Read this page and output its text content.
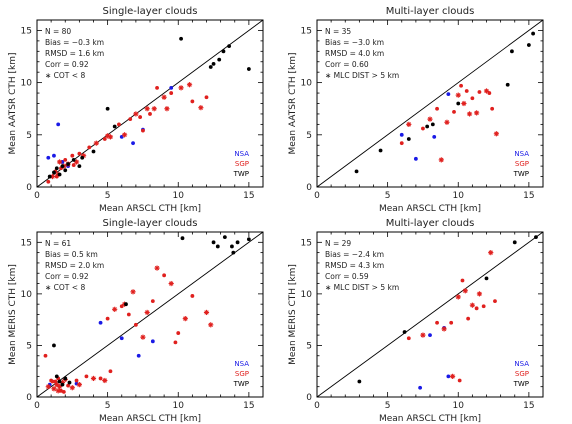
0	5	10	15
0
5
10
15
Single-layer clouds
Mean ARSCL CTH [km]
Mean AATSR CTH [km]
N = 80
Bias = −0.3 km
RMSD = 1.6 km
Corr = 0.92
∗ COT < 8
NSA
SGP
TWP
0	5	10	15
0
5
10
15
Multi-layer clouds
Mean ARSCL CTH [km]
Mean AATSR CTH [km]
N = 35
Bias = −3.0 km
RMSD = 4.0 km
Corr = 0.60
∗ MLC DIST > 5 km
NSA
SGP
TWP
0	5	10	15
0
5
10
15
Single-layer clouds
Mean ARSCL CTH [km]
Mean MERIS CTH [km]
N = 61
Bias = 0.5 km
RMSD = 2.0 km
Corr = 0.92
∗ COT < 8
NSA
SGP
TWP
0	5	10	15
0
5
10
15
Multi-layer clouds
Mean ARSCL CTH [km]
Mean MERIS CTH [km]
N = 29
Bias = −2.4 km
RMSD = 4.3 km
Corr = 0.59
∗ MLC DIST > 5 km
NSA
SGP
TWP
